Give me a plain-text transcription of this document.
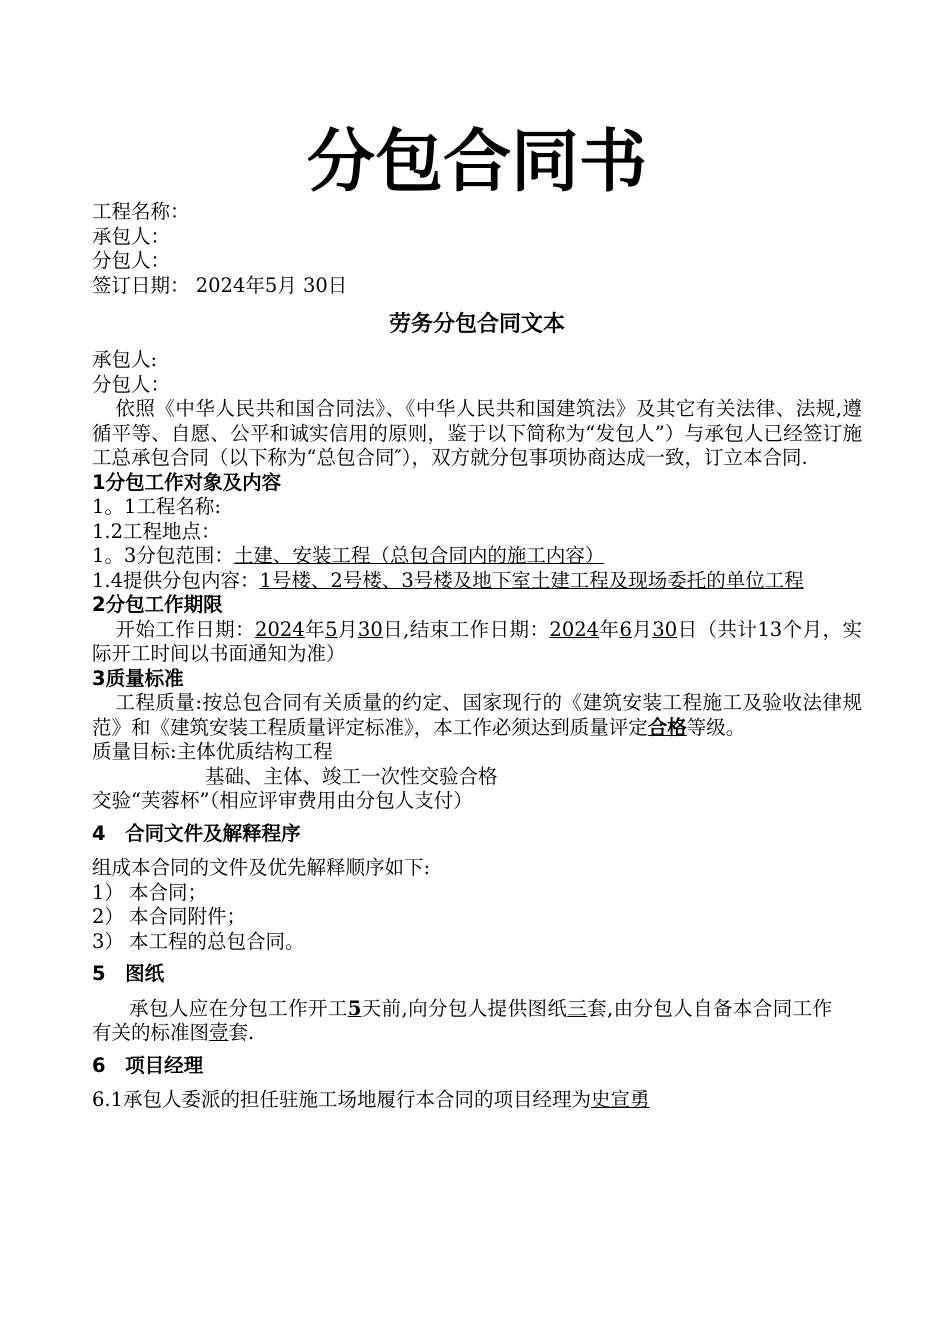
分包合同书
工程名称：
承包人：
分包人：
签订日期： 2024年5月 30日
劳务分包合同文本
承包人:
分包人：
依照《中华人民共和国合同法》、《中华人民共和国建筑法》及其它有关法律、法规,遵循平等、自愿、公平和诚实信用的原则，鉴于以下简称为“发包人”）与承包人已经签订施工总承包合同（以下称为“总包合同″），双方就分包事项协商达成一致，订立本合同.
1分包工作对象及内容
1。1工程名称:
1.2工程地点：
1。3分包范围：土建、安装工程（总包合同内的施工内容）
1.4提供分包内容：1号楼、2号楼、3号楼及地下室土建工程及现场委托的单位工程
2分包工作期限
开始工作日期：2024年5月30日,结束工作日期：2024年6月30日（共计13个月，实际开工时间以书面通知为准）
3质量标准
工程质量:按总包合同有关质量的约定、国家现行的《建筑安装工程施工及验收法律规范》和《建筑安装工程质量评定标准》，本工作必须达到质量评定合格等级。
质量目标:主体优质结构工程
基础、主体、竣工一次性交验合格
交验“芙蓉杯”（相应评审费用由分包人支付）
4　合同文件及解释程序
组成本合同的文件及优先解释顺序如下:
1） 本合同；
2） 本合同附件；
3） 本工程的总包合同。
5　图纸
承包人应在分包工作开工5天前,向分包人提供图纸三套,由分包人自备本合同工作有关的标准图壹套.
6　项目经理
6.1承包人委派的担任驻施工场地履行本合同的项目经理为史宣勇
